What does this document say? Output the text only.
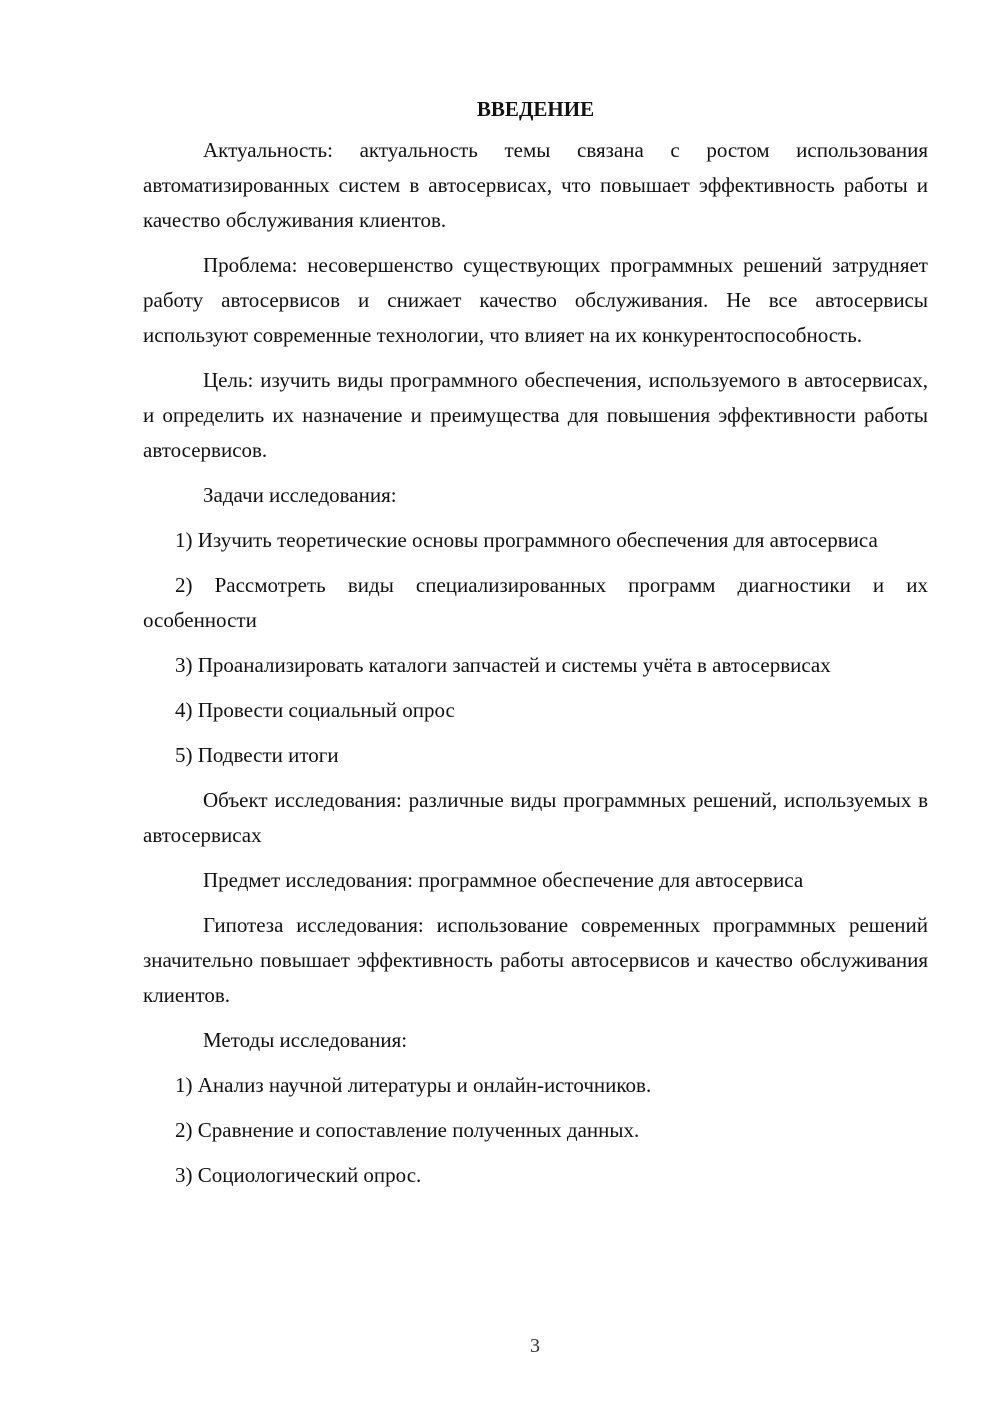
ВВЕДЕНИЕ

Актуальность: актуальность темы связана с ростом использования автоматизированных систем в автосервисах, что повышает эффективность работы и качество обслуживания клиентов.

Проблема: несовершенство существующих программных решений затрудняет работу автосервисов и снижает качество обслуживания. Не все автосервисы используют современные технологии, что влияет на их конкурентоспособность.

Цель: изучить виды программного обеспечения, используемого в автосервисах, и определить их назначение и преимущества для повышения эффективности работы автосервисов.

Задачи исследования:

1) Изучить теоретические основы программного обеспечения для автосервиса

2) Рассмотреть виды специализированных программ диагностики и их особенности

3) Проанализировать каталоги запчастей и системы учёта в автосервисах

4) Провести социальный опрос

5) Подвести итоги

Объект исследования: различные виды программных решений, используемых в автосервисах

Предмет исследования: программное обеспечение для автосервиса

Гипотеза исследования: использование современных программных решений значительно повышает эффективность работы автосервисов и качество обслуживания клиентов.

Методы исследования:

1) Анализ научной литературы и онлайн-источников.

2) Сравнение и сопоставление полученных данных.

3) Социологический опрос.

3
